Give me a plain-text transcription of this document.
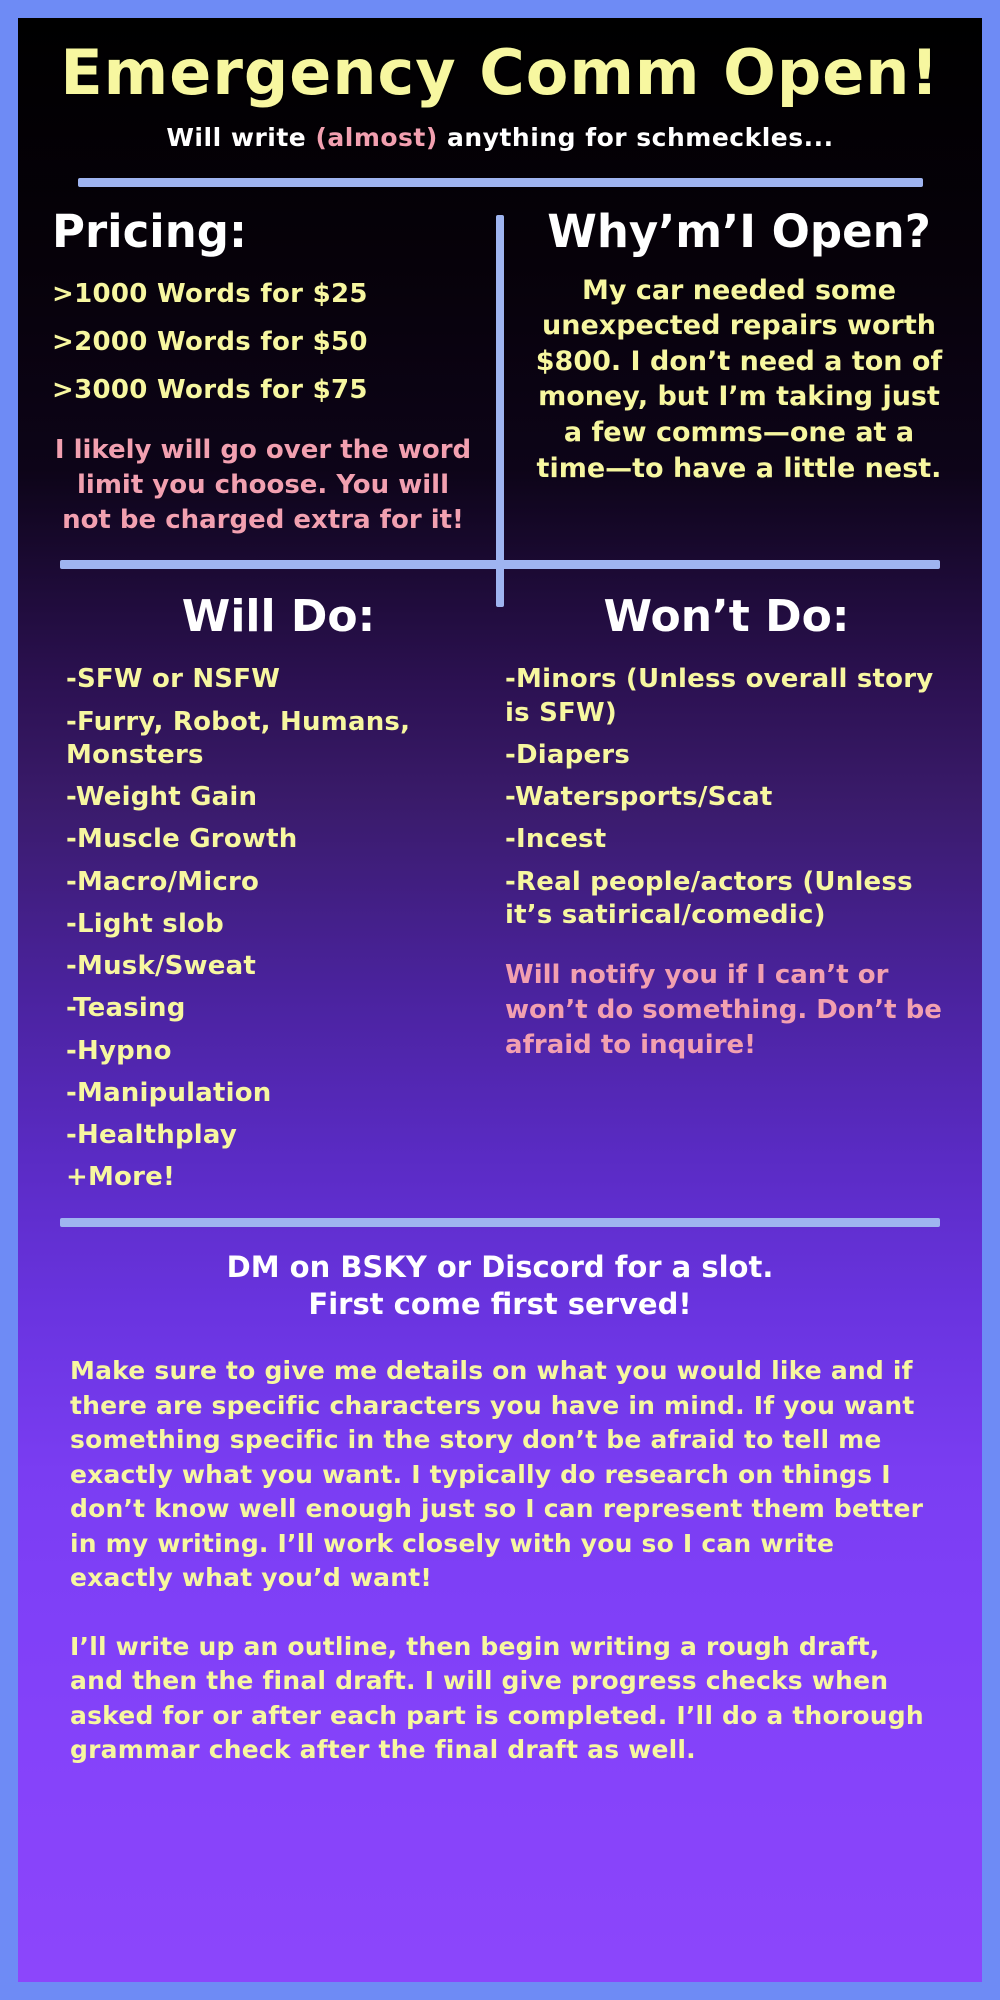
Emergency Comm Open!
Will write (almost) anything for schmeckles...
Pricing:
>1000 Words for $25
>2000 Words for $50
>3000 Words for $75
I likely will go over the word limit you choose. You will not be charged extra for it!
Why’m’I Open?
My car needed some unexpected repairs worth $800. I don’t need a ton of money, but I’m taking just a few comms—one at a time—to have a little nest.
Will Do:
-SFW or NSFW
-Furry, Robot, Humans, Monsters
-Weight Gain
-Muscle Growth
-Macro/Micro
-Light slob
-Musk/Sweat
-Teasing
-Hypno
-Manipulation
-Healthplay
+More!
Won’t Do:
-Minors (Unless overall story is SFW)
-Diapers
-Watersports/Scat
-Incest
-Real people/actors (Unless it’s satirical/comedic)
Will notify you if I can’t or won’t do something. Don’t be afraid to inquire!
DM on BSKY or Discord for a slot.
First come first served!
Make sure to give me details on what you would like and if there are specific characters you have in mind. If you want something specific in the story don’t be afraid to tell me exactly what you want. I typically do research on things I don’t know well enough just so I can represent them better in my writing. I’ll work closely with you so I can write exactly what you’d want!
I’ll write up an outline, then begin writing a rough draft, and then the final draft. I will give progress checks when asked for or after each part is completed. I’ll do a thorough grammar check after the final draft as well.
